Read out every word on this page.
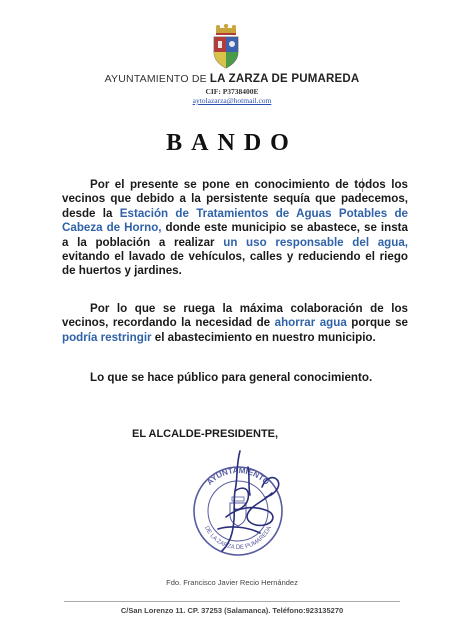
AYUNTAMIENTO DE LA ZARZA DE PUMAREDA
CIF: P3738400E
aytolazarza@hotmail.com
BANDO
Por el presente se pone en conocimiento de todos los vecinos que debido a la persistente sequía que padecemos, desde la Estación de Tratamientos de Aguas Potables de Cabeza de Horno, donde este municipio se abastece, se insta a la población a realizar un uso responsable del agua, evitando el lavado de vehículos, calles y reduciendo el riego de huertos y jardines.
Por lo que se ruega la máxima colaboración de los vecinos, recordando la necesidad de ahorrar agua porque se podría restringir el abastecimiento en nuestro municipio.
Lo que se hace público para general conocimiento.
EL ALCALDE-PRESIDENTE,
AYUNTAMIENTO
DE LA ZARZA DE PUMAREDA
Fdo. Francisco Javier Recio Hernández
C/San Lorenzo 11. CP. 37253 (Salamanca). Teléfono:923135270
